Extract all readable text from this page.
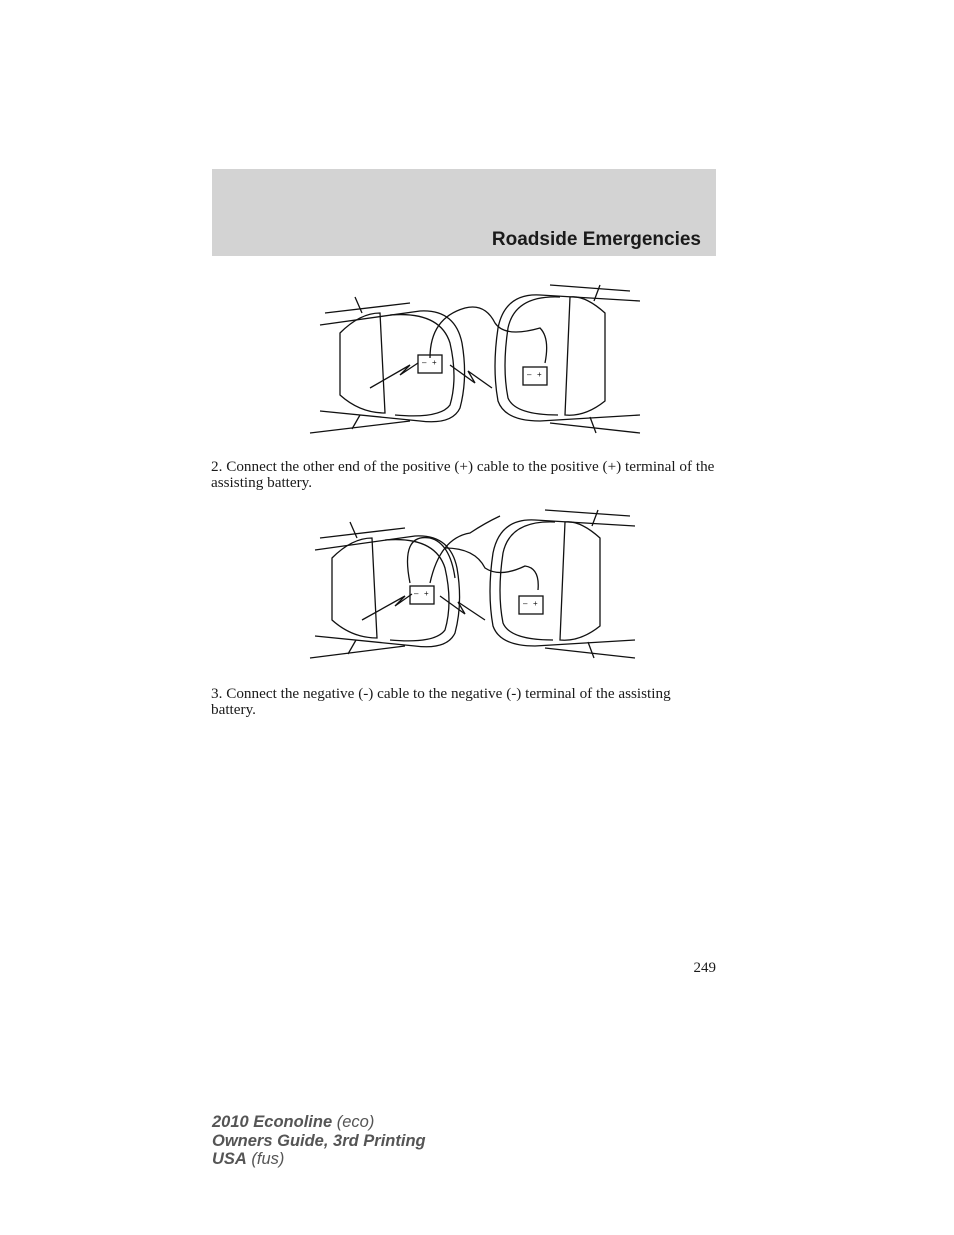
Roadside Emergencies
– +
– +

2. Connect the other end of the positive (+) cable to the positive (+) terminal of the assisting battery.

– +
– +

3. Connect the negative (-) cable to the negative (-) terminal of the assisting battery.

249
2010 Econoline (eco)
Owners Guide, 3rd Printing
USA (fus)
